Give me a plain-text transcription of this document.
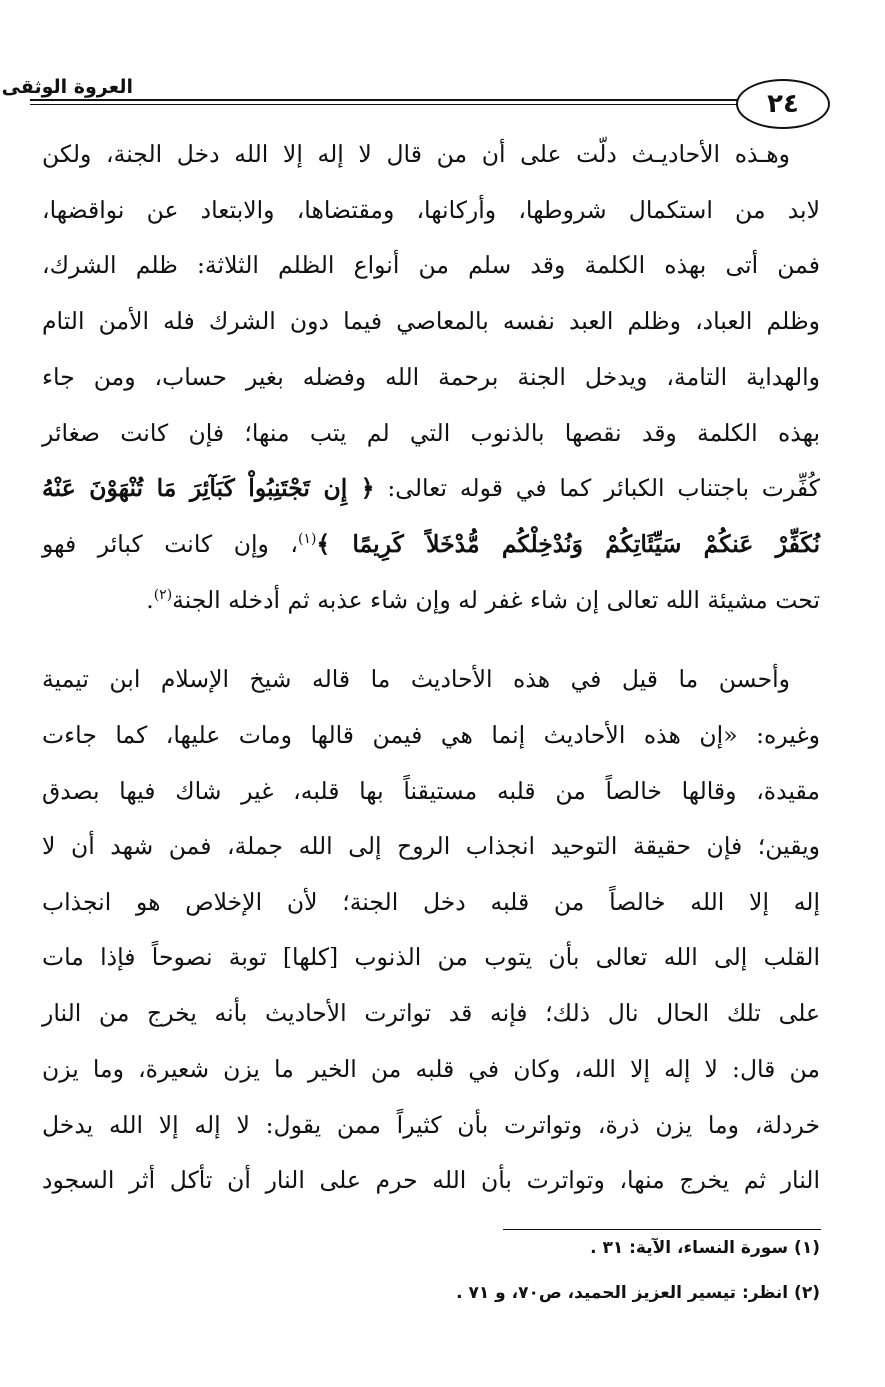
العروة الوثقى
٢٤
وهـذه الأحاديـث دلّت على أن من قال لا إله إلا الله دخل الجنة، ولكن
لابد من استكمال شروطها، وأركانها، ومقتضاها، والابتعاد عن نواقضها،
فمن أتى بهذه الكلمة وقد سلم من أنواع الظلم الثلاثة: ظلم الشرك،
وظلم العباد، وظلم العبد نفسه بالمعاصي فيما دون الشرك فله الأمن التام
والهداية التامة، ويدخل الجنة برحمة الله وفضله بغير حساب، ومن جاء
بهذه الكلمة وقد نقصها بالذنوب التي لم يتب منها؛ فإن كانت صغائر
كُفِّرت باجتناب الكبائر كما في قوله تعالى: ﴿ إِن تَجْتَنِبُواْ كَبَآئِرَ مَا تُنْهَوْنَ عَنْهُ
نُكَفِّرْ عَنكُمْ سَيِّئَاتِكُمْ وَنُدْخِلْكُم مُّدْخَلاً كَرِيمًا ﴾$^{(١)}$، وإن كانت كبائر فهو
تحت مشيئة الله تعالى إن شاء غفر له وإن شاء عذبه ثم أدخله الجنة$^{(٢)}$.
وأحسن ما قيل في هذه الأحاديث ما قاله شيخ الإسلام ابن تيمية
وغيره: «إن هذه الأحاديث إنما هي فيمن قالها ومات عليها، كما جاءت
مقيدة، وقالها خالصاً من قلبه مستيقناً بها قلبه، غير شاك فيها بصدق
ويقين؛ فإن حقيقة التوحيد انجذاب الروح إلى الله جملة، فمن شهد أن لا
إله إلا الله خالصاً من قلبه دخل الجنة؛ لأن الإخلاص هو انجذاب
القلب إلى الله تعالى بأن يتوب من الذنوب [كلها] توبة نصوحاً فإذا مات
على تلك الحال نال ذلك؛ فإنه قد تواترت الأحاديث بأنه يخرج من النار
من قال: لا إله إلا الله، وكان في قلبه من الخير ما يزن شعيرة، وما يزن
خردلة، وما يزن ذرة، وتواترت بأن كثيراً ممن يقول: لا إله إلا الله يدخل
النار ثم يخرج منها، وتواترت بأن الله حرم على النار أن تأكل أثر السجود
(١) سورة النساء، الآية: ٣١ .
(٢) انظر: تيسير العزيز الحميد، ص٧٠، و ٧١ .
